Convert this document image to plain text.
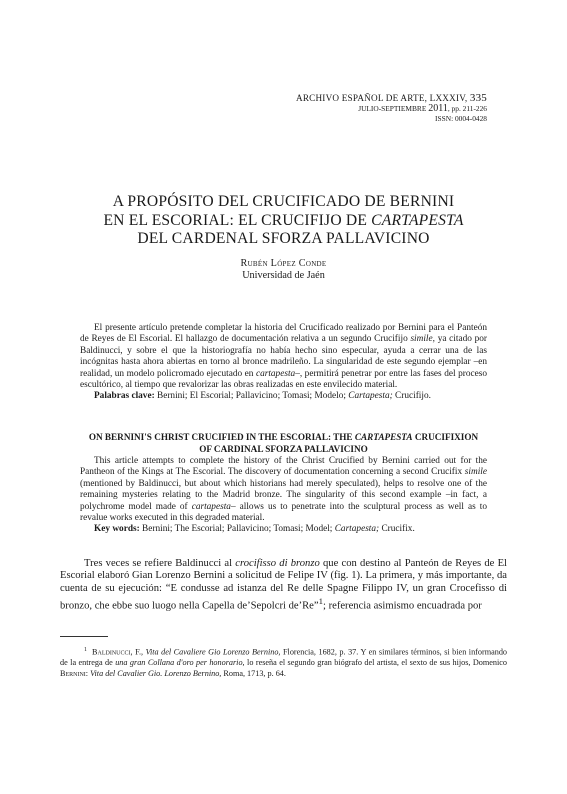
ARCHIVO ESPAÑOL DE ARTE, LXXXIV, 335
JULIO-SEPTIEMBRE 2011, pp. 211-226
ISSN: 0004-0428
A PROPÓSITO DEL CRUCIFICADO DE BERNINI
EN EL ESCORIAL: EL CRUCIFIJO DE CARTAPESTA
DEL CARDENAL SFORZA PALLAVICINO
Rubén López Conde
Universidad de Jaén

El presente artículo pretende completar la historia del Crucificado realizado por Bernini para el Panteón de Reyes de El Escorial. El hallazgo de documentación relativa a un segundo Crucifijo simile, ya citado por Baldinucci, y sobre el que la historiografía no había hecho sino especular, ayuda a cerrar una de las incógnitas hasta ahora abiertas en torno al bronce madrileño. La singularidad de este segundo ejemplar –en realidad, un modelo policromado ejecutado en cartapesta–, permitirá penetrar por entre las fases del proceso escultórico, al tiempo que revalorizar las obras realizadas en este envilecido material.

Palabras clave: Bernini; El Escorial; Pallavicino; Tomasi; Modelo; Cartapesta; Crucifijo.

ON BERNINI'S CHRIST CRUCIFIED IN THE ESCORIAL: THE CARTAPESTA CRUCIFIXION
OF CARDINAL SFORZA PALLAVICINO

This article attempts to complete the history of the Christ Crucified by Bernini carried out for the Pantheon of the Kings at The Escorial. The discovery of documentation concerning a second Crucifix simile (mentioned by Baldinucci, but about which historians had merely speculated), helps to resolve one of the remaining mysteries relating to the Madrid bronze. The singularity of this second example –in fact, a polychrome model made of cartapesta– allows us to penetrate into the sculptural process as well as to revalue works executed in this degraded material.

Key words: Bernini; The Escorial; Pallavicino; Tomasi; Model; Cartapesta; Crucifix.

Tres veces se refiere Baldinucci al crocifisso di bronzo que con destino al Panteón de Reyes de El Escorial elaboró Gian Lorenzo Bernini a solicitud de Felipe IV (fig. 1). La primera, y más importante, da cuenta de su ejecución: “E condusse ad istanza del Re delle Spagne Filippo IV, un gran Crocefisso di bronzo, che ebbe suo luogo nella Capella de’Sepolcri de’Re”$^1$; referencia asimismo encuadrada por

$^1$ Baldinucci, F., Vita del Cavaliere Gio Lorenzo Bernino, Florencia, 1682, p. 37. Y en similares términos, si bien informando de la entrega de una gran Collana d'oro per honorario, lo reseña el segundo gran biógrafo del artista, el sexto de sus hijos, Domenico Bernini: Vita del Cavalier Gio. Lorenzo Bernino, Roma, 1713, p. 64.
